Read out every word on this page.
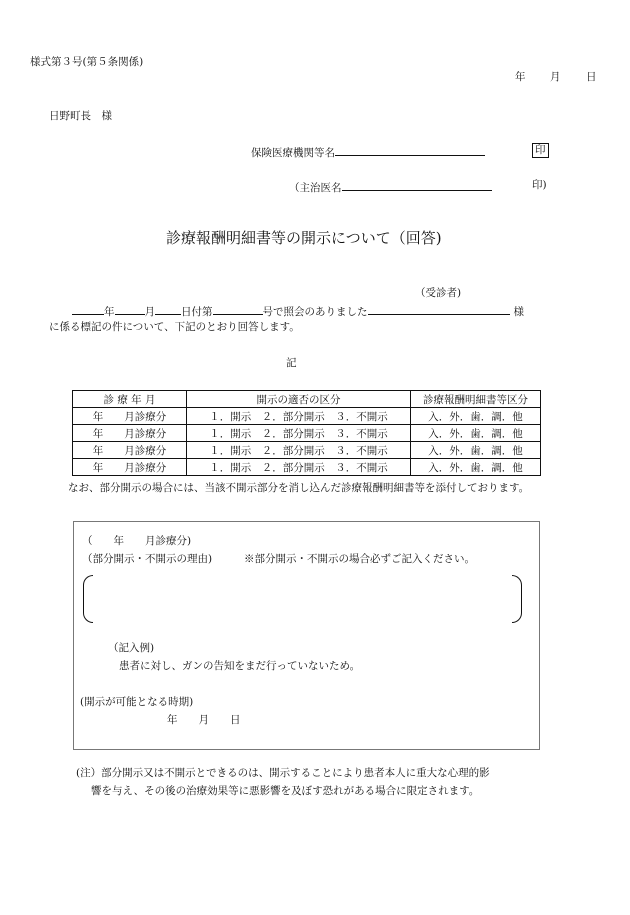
様式第３号(第５条関係)
年 月 日
日野町長　様
保険医療機関等名	印
（主治医名	印)
診療報酬明細書等の開示について（回答)
（受診者)
年	月 日付第	号で照会のありました	様
に係る標記の件について、下記のとおり回答します。
記
診 療 年 月	開示の適否の区分	診療報酬明細書等区分
年　　月診療分	１．開示　２．部分開示　３．不開示	入．外．歯．調．他
年　　月診療分	１．開示　２．部分開示　３．不開示	入．外．歯．調．他
年　　月診療分	１．開示　２．部分開示　３．不開示	入．外．歯．調．他
年　　月診療分	１．開示　２．部分開示　３．不開示	入．外．歯．調．他
なお、部分開示の場合には、当該不開示部分を消し込んだ診療報酬明細書等を添付しております。
（　　年　　月診療分)
（部分開示・不開示の理由)	※部分開示・不開示の場合必ずご記入ください。
（記入例)
患者に対し、ガンの告知をまだ行っていないため。
(開示が可能となる時期)
年　　月　　日
(注）部分開示又は不開示とできるのは、開示することにより患者本人に重大な心理的影
響を与え、その後の治療効果等に悪影響を及ぼす恐れがある場合に限定されます。
